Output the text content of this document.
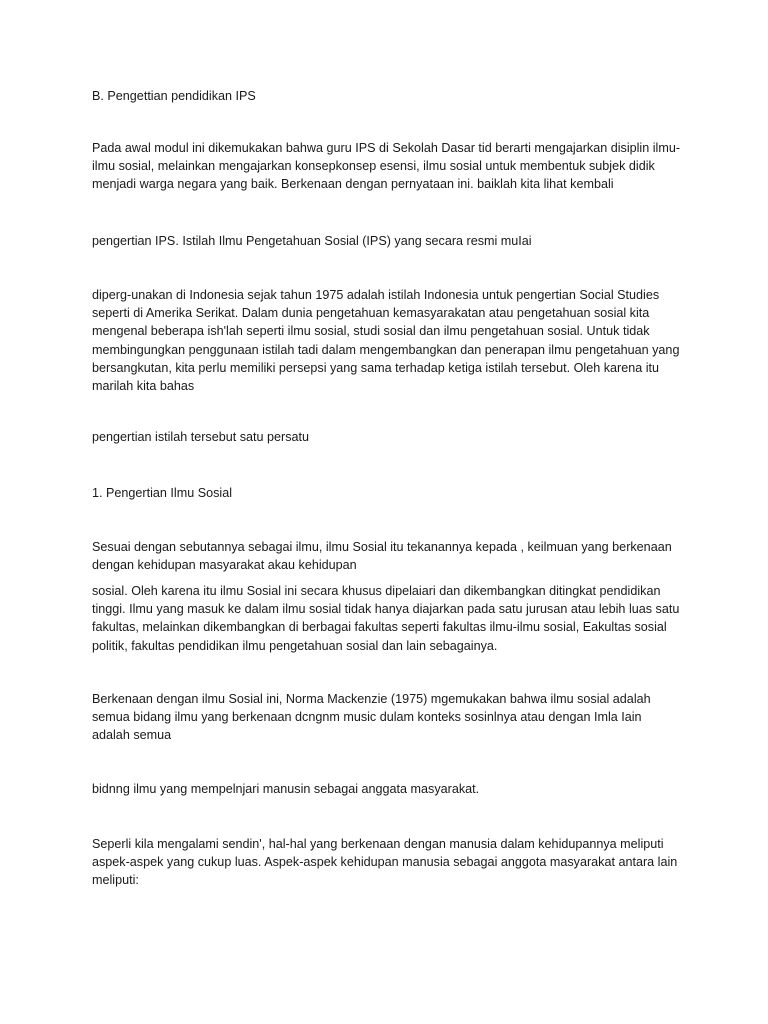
B. Pengettian pendidikan IPS

Pada awal modul ini dikemukakan bahwa guru IPS di Sekolah Dasar tid berarti mengajarkan disiplin ilmu-ilmu sosial, melainkan mengajarkan konsepkonsep esensi, ilmu sosial untuk membentuk subjek didik menjadi warga negara yang baik. Berkenaan dengan pernyataan ini. baiklah kita lihat kembali

pengertian IPS. Istilah Ilmu Pengetahuan Sosial (IPS) yang secara resmi muIai

diperg-unakan di Indonesia sejak tahun 1975 adalah istilah Indonesia untuk pengertian Social Studies seperti di Amerika Serikat. Dalam dunia pengetahuan kemasyarakatan atau pengetahuan sosial kita mengenal beberapa ish'lah seperti ilmu sosial, studi sosial dan ilmu pengetahuan sosial. Untuk tidak membingungkan penggunaan istilah tadi dalam mengembangkan dan penerapan ilmu pengetahuan yang bersangkutan, kita perlu memiliki persepsi yang sama terhadap ketiga istilah tersebut. Oleh karena itu marilah kita bahas

pengertian istilah tersebut satu persatu

1. Pengertian Ilmu Sosial

Sesuai dengan sebutannya sebagai ilmu, ilmu Sosial itu tekanannya kepada , keilmuan yang berkenaan dengan kehidupan masyarakat akau kehidupan

sosial. Oleh karena itu ilmu Sosial ini secara khusus dipelaiari dan dikembangkan ditingkat pendidikan tinggi. Ilmu yang masuk ke dalam ilmu sosial tidak hanya diajarkan pada satu jurusan atau lebih luas satu fakultas, melainkan dikembangkan di berbagai fakultas seperti fakultas ilmu-ilmu sosial, Eakultas sosial politik, fakultas pendidikan ilmu pengetahuan sosial dan lain sebagainya.

Berkenaan dengan ilmu Sosial ini, Norma Mackenzie (1975) mgemukakan bahwa ilmu sosial adalah semua bidang ilmu yang berkenaan dcngnm music dulam konteks sosinlnya atau dengan Imla Iain adalah semua

bidnng ilmu yang mempelnjari manusin sebagai anggata masyarakat.

Seperli kila mengalami sendin', hal-hal yang berkenaan dengan manusia dalam kehidupannya meliputi aspek-aspek yang cukup luas. Aspek-aspek kehidupan manusia sebagai anggota masyarakat antara lain meliputi:
